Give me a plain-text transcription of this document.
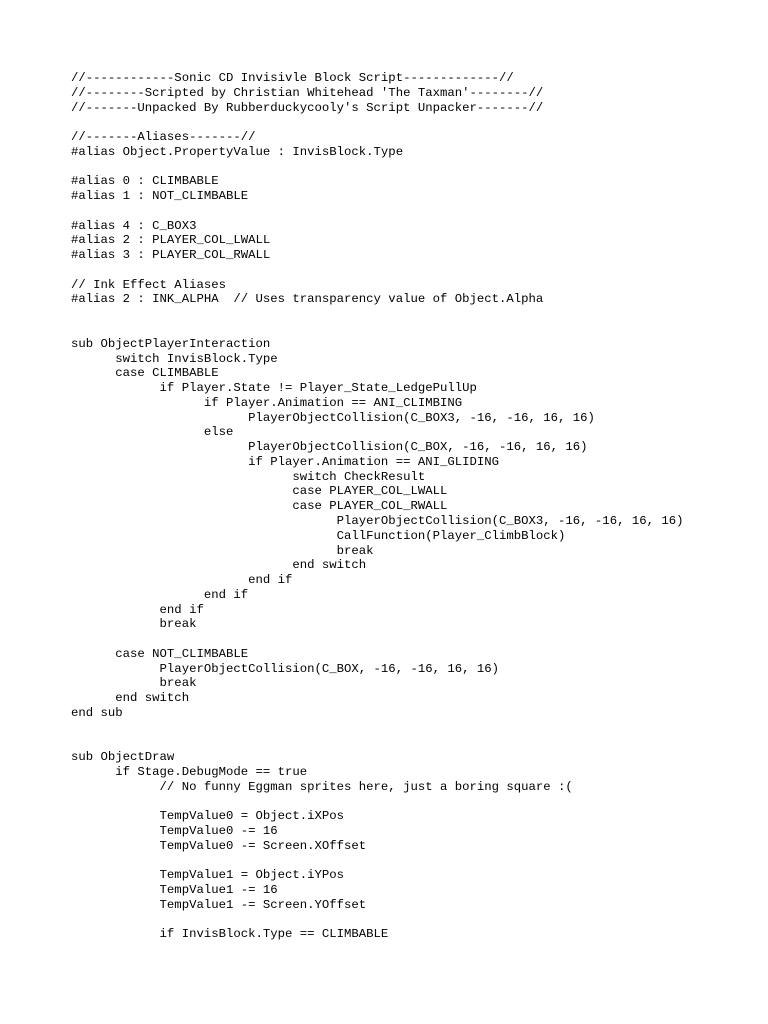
//------------Sonic CD Invisivle Block Script-------------//
//--------Scripted by Christian Whitehead 'The Taxman'--------//
//-------Unpacked By Rubberduckycooly's Script Unpacker-------//
//-------Aliases-------//
#alias Object.PropertyValue : InvisBlock.Type
#alias 0 : CLIMBABLE
#alias 1 : NOT_CLIMBABLE
#alias 4 : C_BOX3
#alias 2 : PLAYER_COL_LWALL
#alias 3 : PLAYER_COL_RWALL
// Ink Effect Aliases
#alias 2 : INK_ALPHA  // Uses transparency value of Object.Alpha
sub ObjectPlayerInteraction
switch InvisBlock.Type
case CLIMBABLE
if Player.State != Player_State_LedgePullUp
if Player.Animation == ANI_CLIMBING
PlayerObjectCollision(C_BOX3, -16, -16, 16, 16)
else
PlayerObjectCollision(C_BOX, -16, -16, 16, 16)
if Player.Animation == ANI_GLIDING
switch CheckResult
case PLAYER_COL_LWALL
case PLAYER_COL_RWALL
PlayerObjectCollision(C_BOX3, -16, -16, 16, 16)
CallFunction(Player_ClimbBlock)
break
end switch
end if
end if
end if
break
case NOT_CLIMBABLE
PlayerObjectCollision(C_BOX, -16, -16, 16, 16)
break
end switch
end sub
sub ObjectDraw
if Stage.DebugMode == true
// No funny Eggman sprites here, just a boring square :(
TempValue0 = Object.iXPos
TempValue0 -= 16
TempValue0 -= Screen.XOffset
TempValue1 = Object.iYPos
TempValue1 -= 16
TempValue1 -= Screen.YOffset
if InvisBlock.Type == CLIMBABLE
